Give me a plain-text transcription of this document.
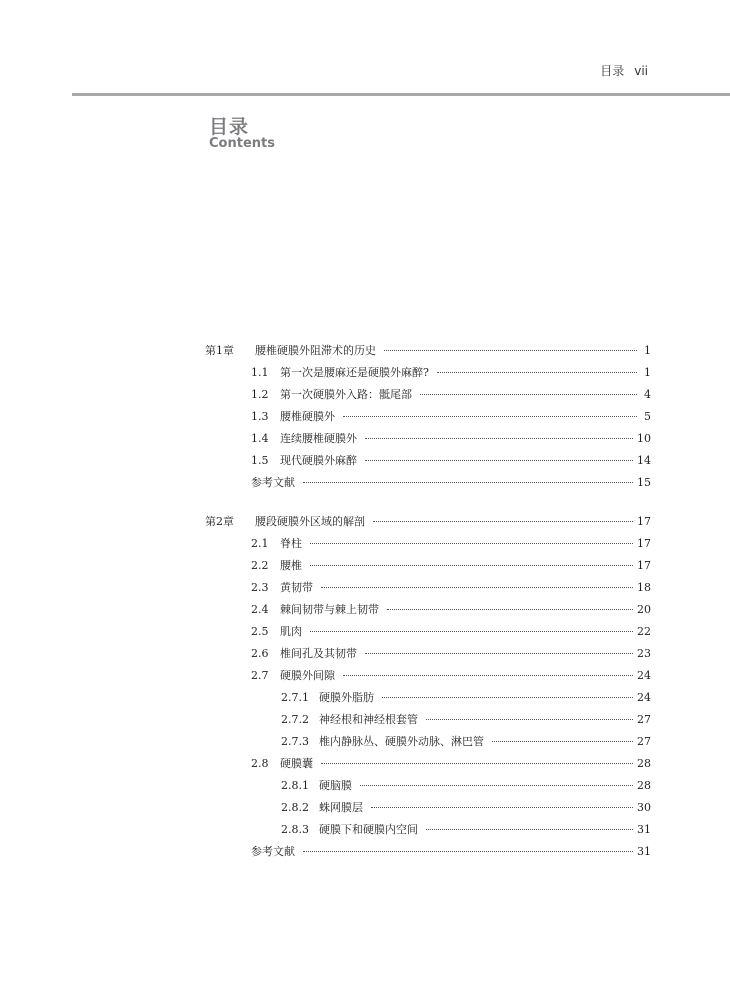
目录 vii
目录
Contents
第1章	腰椎硬膜外阻滞术的历史	1
1.1	第一次是腰麻还是硬膜外麻醉?	1
1.2	第一次硬膜外入路：骶尾部	4
1.3	腰椎硬膜外	5
1.4	连续腰椎硬膜外	10
1.5	现代硬膜外麻醉	14
参考文献	15
第2章	腰段硬膜外区域的解剖	17
2.1	脊柱	17
2.2	腰椎	17
2.3	黄韧带	18
2.4	棘间韧带与棘上韧带	20
2.5	肌肉	22
2.6	椎间孔及其韧带	23
2.7	硬膜外间隙	24
2.7.1 硬膜外脂肪	24
2.7.2 神经根和神经根套管	27
2.7.3 椎内静脉丛、硬膜外动脉、淋巴管	27
2.8	硬膜囊	28
2.8.1 硬脑膜	28
2.8.2 蛛网膜层	30
2.8.3 硬膜下和硬膜内空间	31
参考文献	31
